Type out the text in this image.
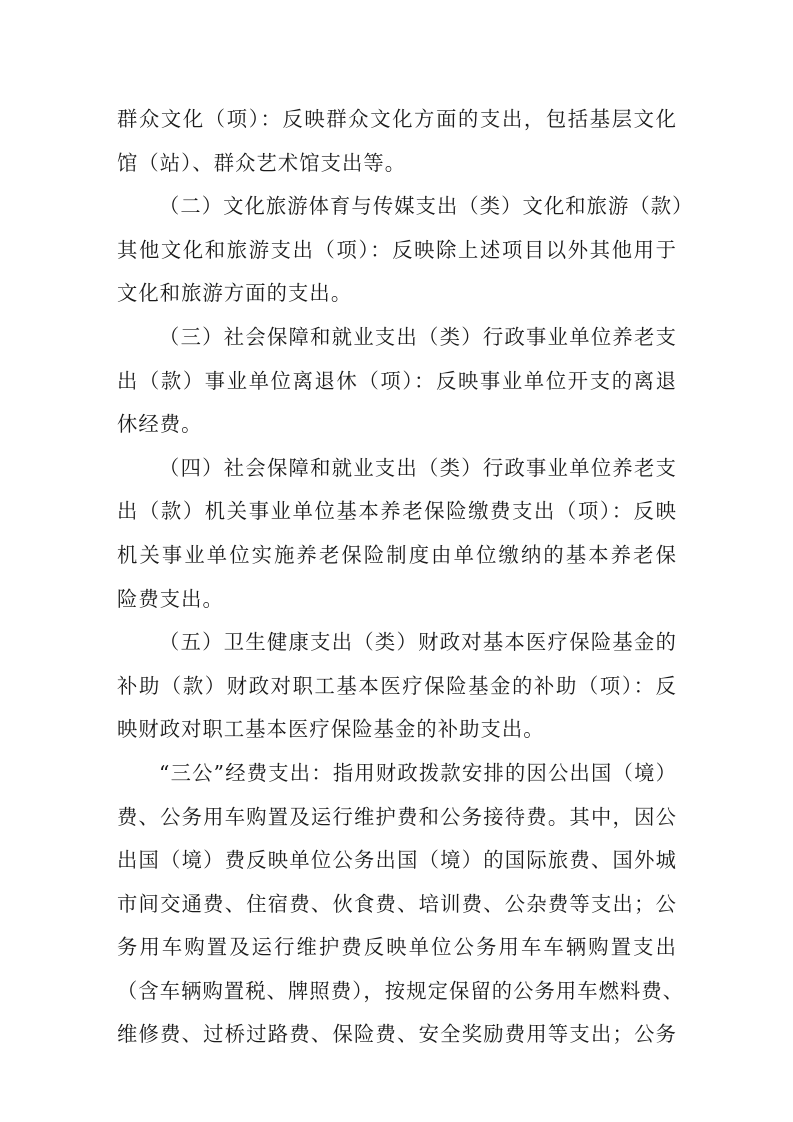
群众文化（项）：反映群众文化方面的支出，包括基层文化
馆（站）、群众艺术馆支出等。

（二）文化旅游体育与传媒支出（类）文化和旅游（款）
其他文化和旅游支出（项）：反映除上述项目以外其他用于
文化和旅游方面的支出。

（三）社会保障和就业支出（类）行政事业单位养老支
出（款）事业单位离退休（项）：反映事业单位开支的离退
休经费。

（四）社会保障和就业支出（类）行政事业单位养老支
出（款）机关事业单位基本养老保险缴费支出（项）：反映
机关事业单位实施养老保险制度由单位缴纳的基本养老保
险费支出。

（五）卫生健康支出（类）财政对基本医疗保险基金的
补助（款）财政对职工基本医疗保险基金的补助（项）：反
映财政对职工基本医疗保险基金的补助支出。

“三公”经费支出：指用财政拨款安排的因公出国（境）
费、公务用车购置及运行维护费和公务接待费。其中，因公
出国（境）费反映单位公务出国（境）的国际旅费、国外城
市间交通费、住宿费、伙食费、培训费、公杂费等支出；公
务用车购置及运行维护费反映单位公务用车车辆购置支出
（含车辆购置税、牌照费），按规定保留的公务用车燃料费、
维修费、过桥过路费、保险费、安全奖励费用等支出；公务
